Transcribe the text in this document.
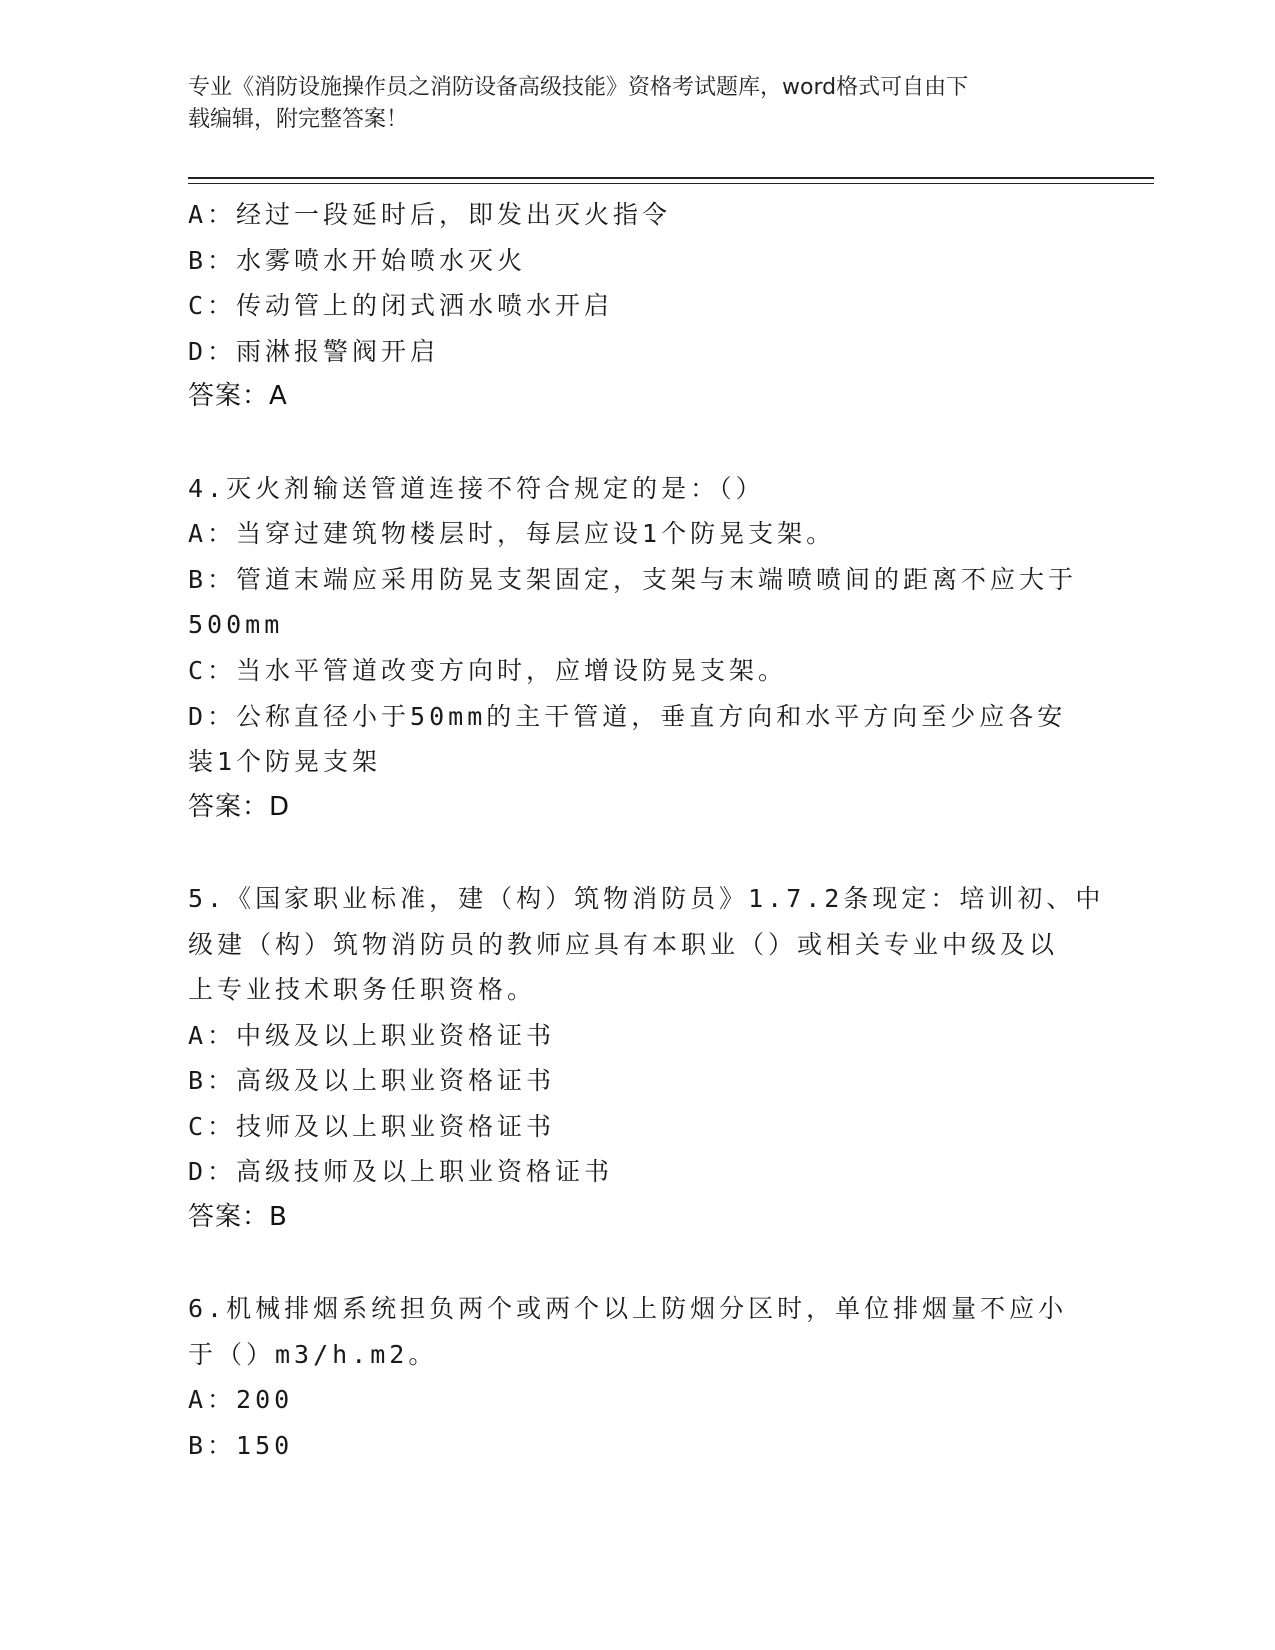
专业《消防设施操作员之消防设备高级技能》资格考试题库，word格式可自由下
载编辑，附完整答案！
A：经过一段延时后，即发出灭火指令
B：水雾喷水开始喷水灭火
C：传动管上的闭式洒水喷水开启
D：雨淋报警阀开启
答案：A
4.灭火剂输送管道连接不符合规定的是：（）
A：当穿过建筑物楼层时，每层应设1个防晃支架。
B：管道末端应采用防晃支架固定，支架与末端喷喷间的距离不应大于
500mm
C：当水平管道改变方向时，应增设防晃支架。
D：公称直径小于50mm的主干管道，垂直方向和水平方向至少应各安
装1个防晃支架
答案：D
5.《国家职业标准，建（构）筑物消防员》1.7.2条现定：培训初、中
级建（构）筑物消防员的教师应具有本职业（）或相关专业中级及以
上专业技术职务任职资格。
A：中级及以上职业资格证书
B：高级及以上职业资格证书
C：技师及以上职业资格证书
D：高级技师及以上职业资格证书
答案：B
6.机械排烟系统担负两个或两个以上防烟分区时，单位排烟量不应小
于（）m3/h.m2。
A：200
B：150
